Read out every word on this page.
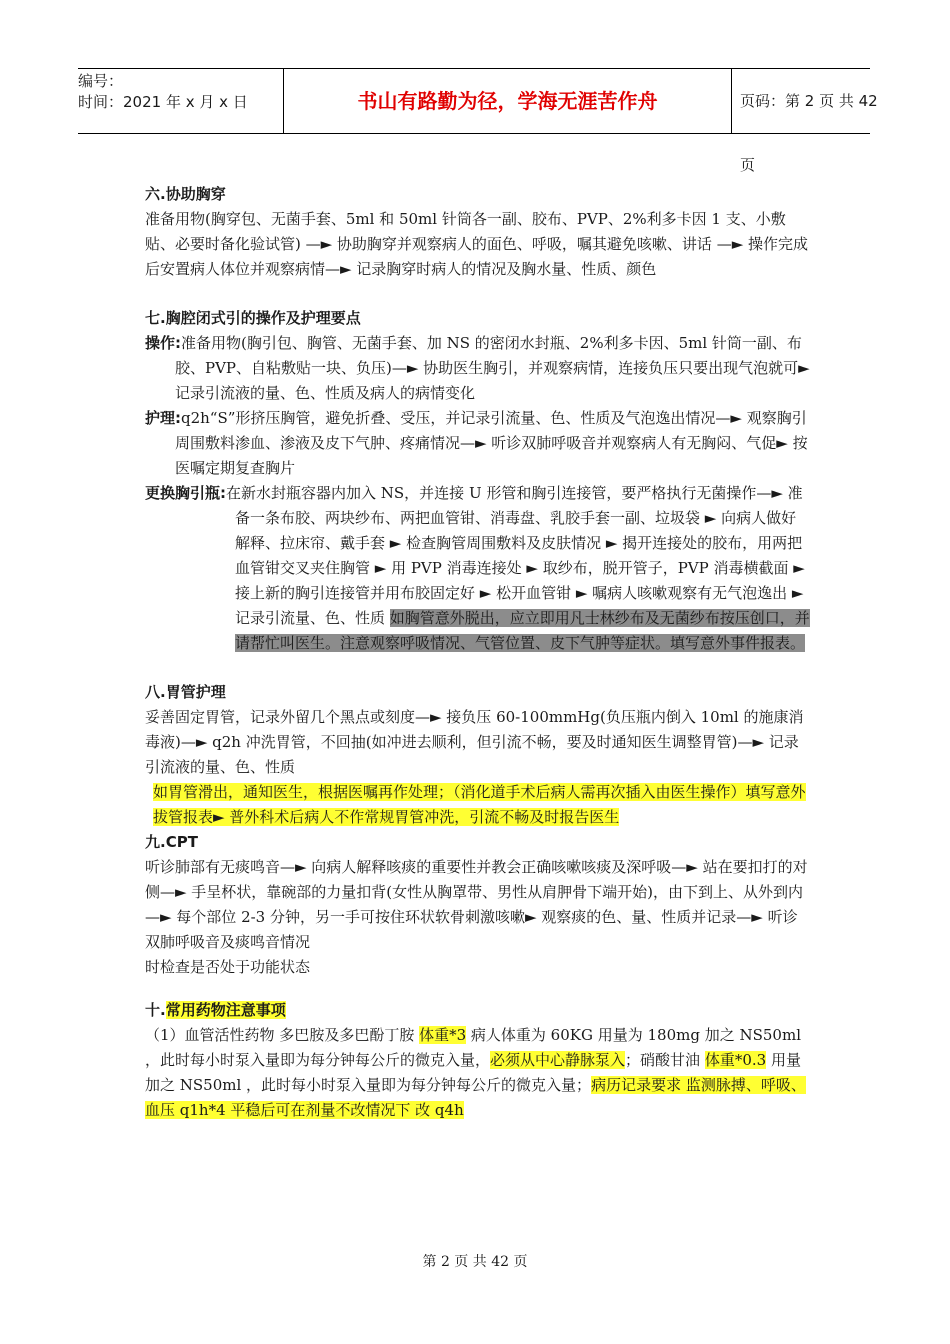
编号：
时间：2021 年 x 月 x 日	书山有路勤为径，学海无涯苦作舟	页码：第 2 页 共 42 页
六.协助胸穿

准备用物(胸穿包、无菌手套、5ml 和 50ml 针筒各一副、胶布、PVP、2%利多卡因 1 支、小敷贴、必要时备化验试管) —► 协助胸穿并观察病人的面色、呼吸，嘱其避免咳嗽、讲话 —► 操作完成后安置病人体位并观察病情—► 记录胸穿时病人的情况及胸水量、性质、颜色

七.胸腔闭式引的操作及护理要点

操作:准备用物(胸引包、胸管、无菌手套、加 NS 的密闭水封瓶、2%利多卡因、5ml 针筒一副、布胶、PVP、自粘敷贴一块、负压)—► 协助医生胸引，并观察病情，连接负压只要出现气泡就可► 记录引流液的量、色、性质及病人的病情变化

护理:q2h“S”形挤压胸管，避免折叠、受压，并记录引流量、色、性质及气泡逸出情况—► 观察胸引周围敷料渗血、渗液及皮下气肿、疼痛情况—► 听诊双肺呼吸音并观察病人有无胸闷、气促► 按医嘱定期复查胸片

更换胸引瓶:在新水封瓶容器内加入 NS，并连接 U 形管和胸引连接管，要严格执行无菌操作—► 准备一条布胶、两块纱布、两把血管钳、消毒盘、乳胶手套一副、垃圾袋 ► 向病人做好解释、拉床帘、戴手套 ► 检查胸管周围敷料及皮肤情况 ► 揭开连接处的胶布，用两把血管钳交叉夹住胸管 ► 用 PVP 消毒连接处 ► 取纱布，脱开管子，PVP 消毒横截面 ► 接上新的胸引连接管并用布胶固定好 ► 松开血管钳 ► 嘱病人咳嗽观察有无气泡逸出 ► 记录引流量、色、性质 如胸管意外脱出，应立即用凡士林纱布及无菌纱布按压创口，并请帮忙叫医生。注意观察呼吸情况、气管位置、皮下气肿等症状。填写意外事件报表。

八.胃管护理

妥善固定胃管，记录外留几个黑点或刻度—► 接负压 60-100mmHg(负压瓶内倒入 10ml 的施康消毒液)—► q2h 冲洗胃管，不回抽(如冲进去顺利，但引流不畅，要及时通知医生调整胃管)—► 记录引流液的量、色、性质

如胃管滑出，通知医生，根据医嘱再作处理；（消化道手术后病人需再次插入由医生操作）填写意外拔管报表► 普外科术后病人不作常规胃管冲洗，引流不畅及时报告医生

九.CPT

听诊肺部有无痰鸣音—► 向病人解释咳痰的重要性并教会正确咳嗽咳痰及深呼吸—► 站在要扣打的对侧—► 手呈杯状，靠碗部的力量扣背(女性从胸罩带、男性从肩胛骨下端开始)，由下到上、从外到内 —► 每个部位 2-3 分钟，另一手可按住环状软骨刺激咳嗽► 观察痰的色、量、性质并记录—► 听诊双肺呼吸音及痰鸣音情况

时检查是否处于功能状态

十.常用药物注意事项

（1）血管活性药物 多巴胺及多巴酚丁胺 体重*3 病人体重为 60KG 用量为 180mg 加之 NS50ml ，此时每小时泵入量即为每分钟每公斤的微克入量，必须从中心静脉泵入；硝酸甘油 体重*0.3 用量加之 NS50ml ，此时每小时泵入量即为每分钟每公斤的微克入量；病历记录要求 监测脉搏、呼吸、血压 q1h*4 平稳后可在剂量不改情况下 改 q4h

第 2 页 共 42 页
